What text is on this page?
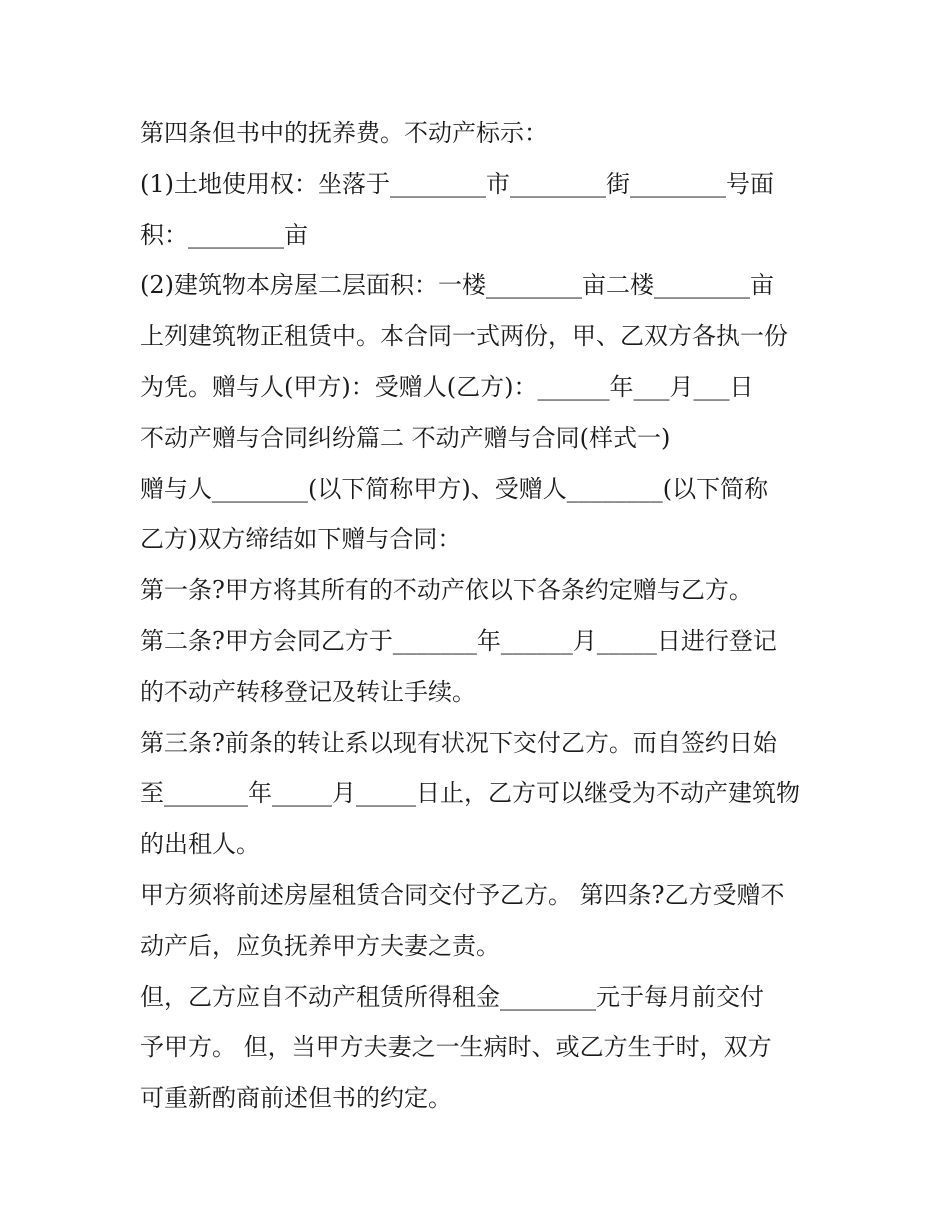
第四条但书中的抚养费。不动产标示：
(1)土地使用权：坐落于________市________街________号面
积：________亩
(2)建筑物本房屋二层面积：一楼________亩二楼________亩
上列建筑物正租赁中。本合同一式两份，甲、乙双方各执一份
为凭。赠与人(甲方)：受赠人(乙方)：______年___月___日
不动产赠与合同纠纷篇二 不动产赠与合同(样式一)
赠与人________(以下简称甲方)、受赠人________(以下简称
乙方)双方缔结如下赠与合同：
第一条?甲方将其所有的不动产依以下各条约定赠与乙方。
第二条?甲方会同乙方于_______年______月_____日进行登记
的不动产转移登记及转让手续。
第三条?前条的转让系以现有状况下交付乙方。而自签约日始
至_______年_____月_____日止，乙方可以继受为不动产建筑物
的出租人。
甲方须将前述房屋租赁合同交付予乙方。 第四条?乙方受赠不
动产后，应负抚养甲方夫妻之责。
但，乙方应自不动产租赁所得租金________元于每月前交付
予甲方。 但，当甲方夫妻之一生病时、或乙方生于时，双方
可重新酌商前述但书的约定。
